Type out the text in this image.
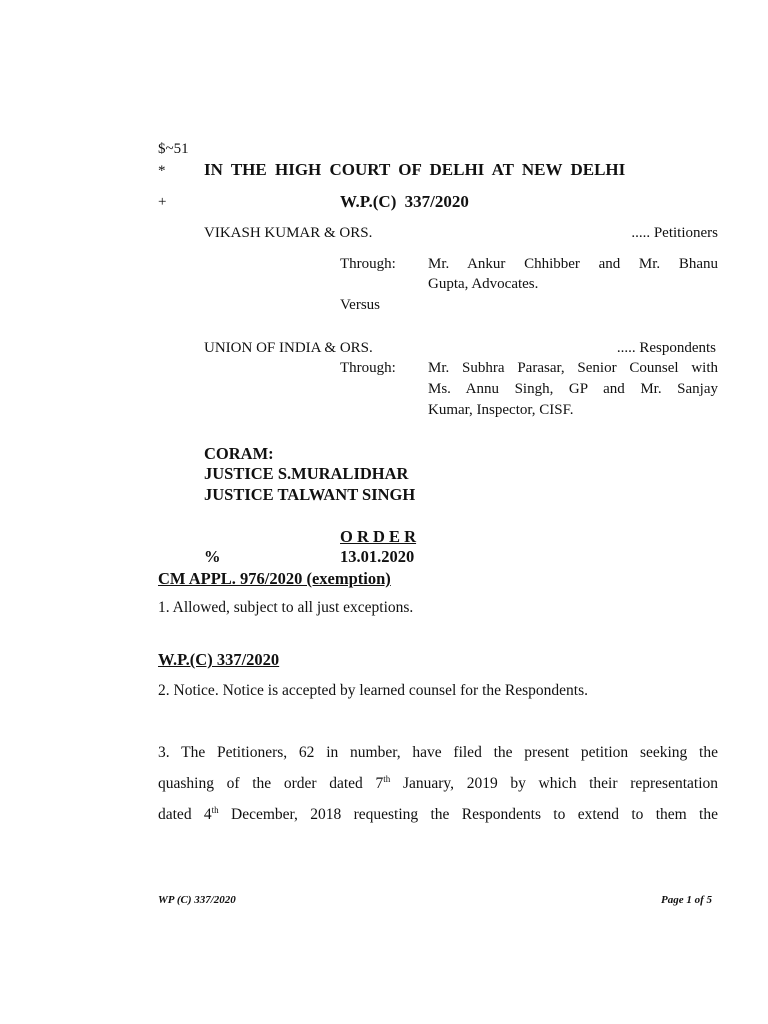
$~51
* IN THE HIGH COURT OF DELHI AT NEW DELHI
+	W.P.(C) 337/2020
VIKASH KUMAR & ORS.	..... Petitioners
Through: Mr. Ankur Chhibber and Mr. Bhanu
Gupta, Advocates.
Versus
UNION OF INDIA & ORS.	..... Respondents
Through: Mr. Subhra Parasar, Senior Counsel with
Ms. Annu Singh, GP and Mr. Sanjay
Kumar, Inspector, CISF.
CORAM:
JUSTICE S.MURALIDHAR
JUSTICE TALWANT SINGH
O R D E R
%	13.01.2020
CM APPL. 976/2020 (exemption)
1. Allowed, subject to all just exceptions.
W.P.(C) 337/2020
2. Notice. Notice is accepted by learned counsel for the Respondents.
3. The Petitioners, 62 in number, have filed the present petition seeking the
quashing of the order dated 7th January, 2019 by which their representation
dated 4th December, 2018 requesting the Respondents to extend to them the
WP (C) 337/2020	Page 1 of 5
